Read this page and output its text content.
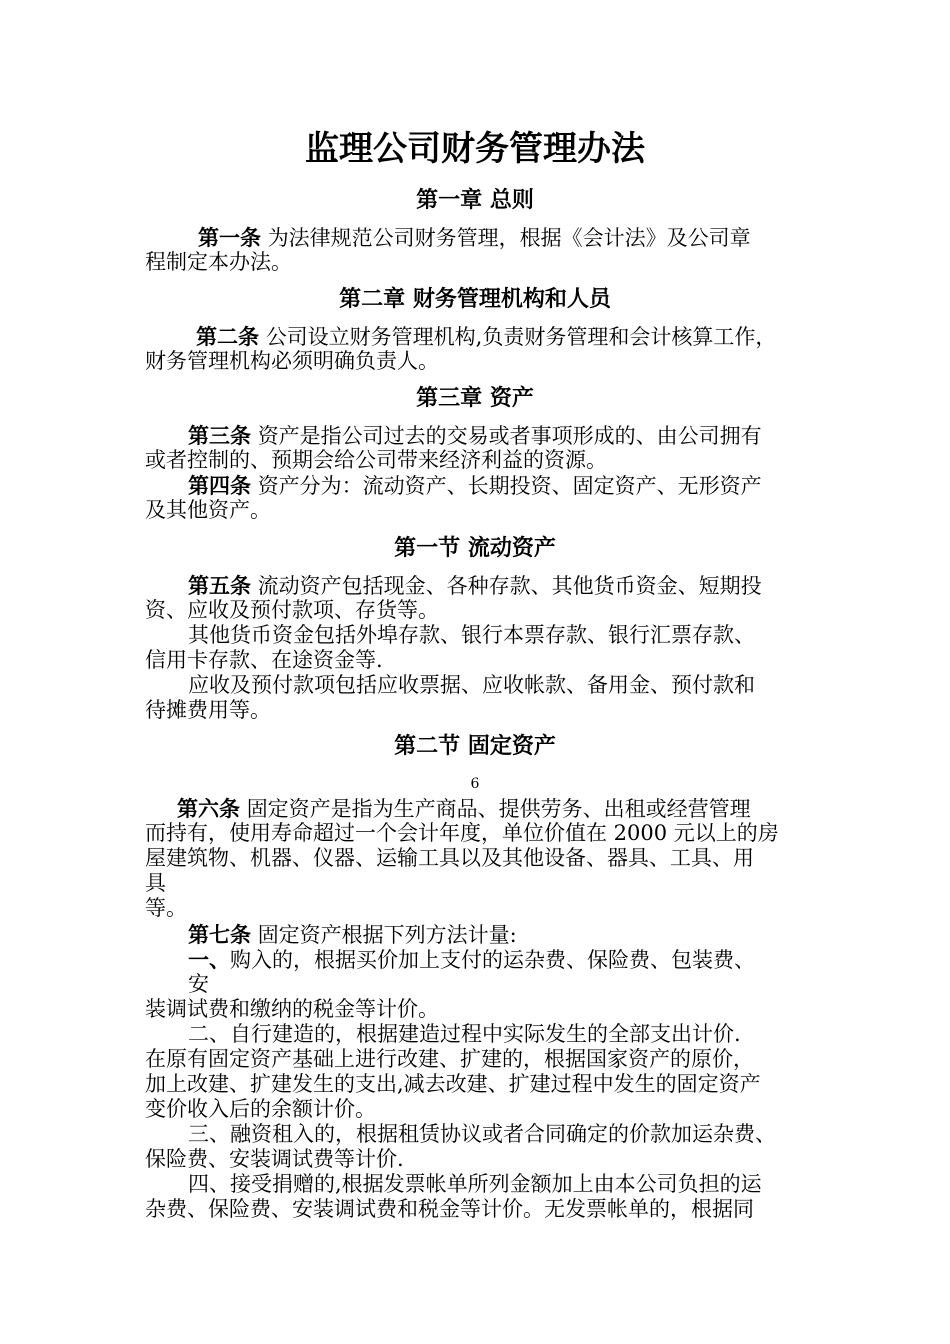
监理公司财务管理办法
第一章 总则
第一条 为法律规范公司财务管理，根据《会计法》及公司章
程制定本办法。
第二章 财务管理机构和人员
第二条 公司设立财务管理机构,负责财务管理和会计核算工作，
财务管理机构必须明确负责人。
第三章 资产
第三条 资产是指公司过去的交易或者事项形成的、由公司拥有
或者控制的、预期会给公司带来经济利益的资源。
第四条 资产分为：流动资产、长期投资、固定资产、无形资产
及其他资产。
第一节 流动资产
第五条 流动资产包括现金、各种存款、其他货币资金、短期投
资、应收及预付款项、存货等。
其他货币资金包括外埠存款、银行本票存款、银行汇票存款、
信用卡存款、在途资金等.
应收及预付款项包括应收票据、应收帐款、备用金、预付款和
待摊费用等。
第二节 固定资产
6
第六条 固定资产是指为生产商品、提供劳务、出租或经营管理
而持有，使用寿命超过一个会计年度，单位价值在 2000 元以上的房
屋建筑物、机器、仪器、运输工具以及其他设备、器具、工具、用
具
等。
第七条 固定资产根据下列方法计量:
一、购入的，根据买价加上支付的运杂费、保险费、包装费、
安
装调试费和缴纳的税金等计价。
二、自行建造的，根据建造过程中实际发生的全部支出计价.
在原有固定资产基础上进行改建、扩建的，根据国家资产的原价，
加上改建、扩建发生的支出,减去改建、扩建过程中发生的固定资产
变价收入后的余额计价。
三、融资租入的，根据租赁协议或者合同确定的价款加运杂费、
保险费、安装调试费等计价.
四、接受捐赠的,根据发票帐单所列金额加上由本公司负担的运
杂费、保险费、安装调试费和税金等计价。无发票帐单的，根据同
